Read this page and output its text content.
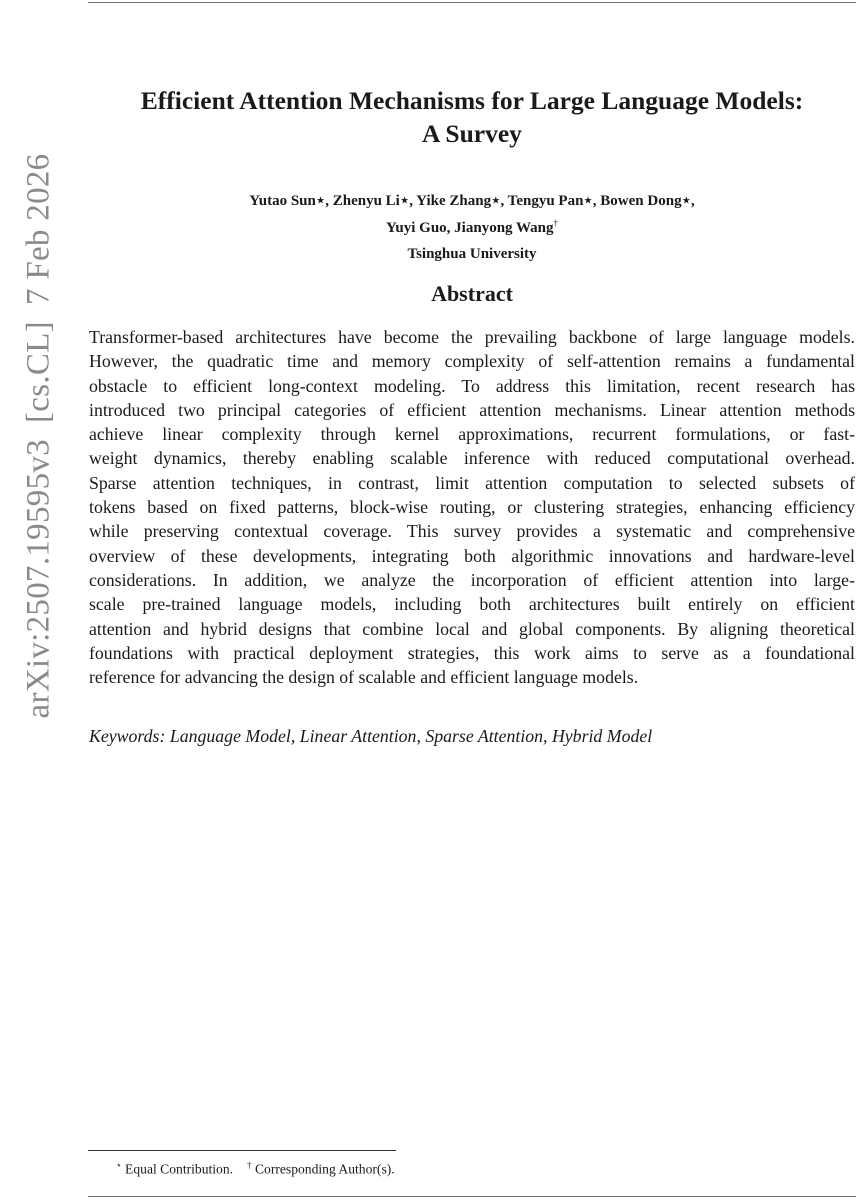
arXiv:2507.19595v3[cs.CL]7 Feb 2026
Efficient Attention Mechanisms for Large Language Models:
A Survey
Yutao Sun⋆, Zhenyu Li⋆, Yike Zhang⋆, Tengyu Pan⋆, Bowen Dong⋆,
Yuyi Guo, Jianyong Wang†
Tsinghua University
Abstract
Transformer-based architectures have become the prevailing backbone of large language models.
However, the quadratic time and memory complexity of self-attention remains a fundamental
obstacle to efficient long-context modeling. To address this limitation, recent research has
introduced two principal categories of efficient attention mechanisms. Linear attention methods
achieve linear complexity through kernel approximations, recurrent formulations, or fast-
weight dynamics, thereby enabling scalable inference with reduced computational overhead.
Sparse attention techniques, in contrast, limit attention computation to selected subsets of
tokens based on fixed patterns, block-wise routing, or clustering strategies, enhancing efficiency
while preserving contextual coverage. This survey provides a systematic and comprehensive
overview of these developments, integrating both algorithmic innovations and hardware-level
considerations. In addition, we analyze the incorporation of efficient attention into large-
scale pre-trained language models, including both architectures built entirely on efficient
attention and hybrid designs that combine local and global components. By aligning theoretical
foundations with practical deployment strategies, this work aims to serve as a foundational
reference for advancing the design of scalable and efficient language models.
Keywords: Language Model, Linear Attention, Sparse Attention, Hybrid Model
⋆ Equal Contribution. † Corresponding Author(s).
